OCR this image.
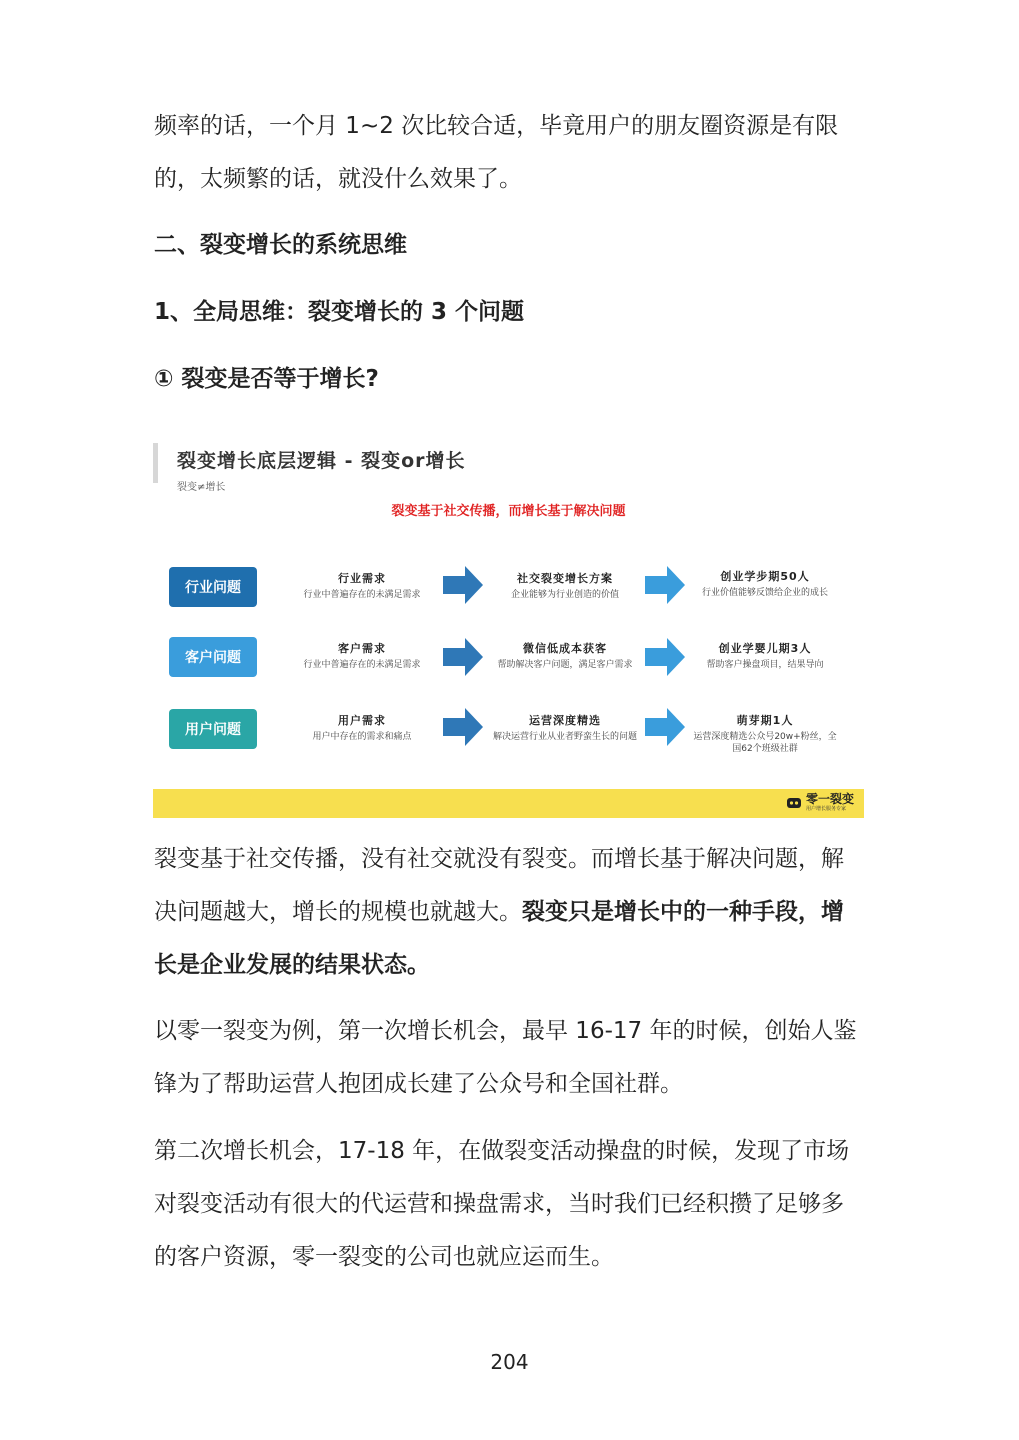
频率的话，一个月 1~2 次比较合适，毕竟用户的朋友圈资源是有限的，太频繁的话，就没什么效果了。

二、裂变增长的系统思维
1、全局思维：裂变增长的 3 个问题
① 裂变是否等于增长?
裂变增长底层逻辑 - 裂变or增长
裂变≠增长
裂变基于社交传播，而增长基于解决问题
行业问题
行业需求
行业中普遍存在的未满足需求
社交裂变增长方案
企业能够为行业创造的价值
创业学步期50人
行业价值能够反馈给企业的成长
客户问题
客户需求
行业中普遍存在的未满足需求
微信低成本获客
帮助解决客户问题，满足客户需求
创业学婴儿期3人
帮助客户操盘项目，结果导向
用户问题
用户需求
用户中存在的需求和痛点
运营深度精选
解决运营行业从业者野蛮生长的问题
萌芽期1人
运营深度精选公众号20w+粉丝，全国62个班级社群
零一裂变
用户增长服务专家

裂变基于社交传播，没有社交就没有裂变。而增长基于解决问题，解决问题越大，增长的规模也就越大。裂变只是增长中的一种手段，增长是企业发展的结果状态。

以零一裂变为例，第一次增长机会，最早 16-17 年的时候，创始人鉴锋为了帮助运营人抱团成长建了公众号和全国社群。

第二次增长机会，17-18 年，在做裂变活动操盘的时候，发现了市场对裂变活动有很大的代运营和操盘需求，当时我们已经积攒了足够多的客户资源，零一裂变的公司也就应运而生。

204
